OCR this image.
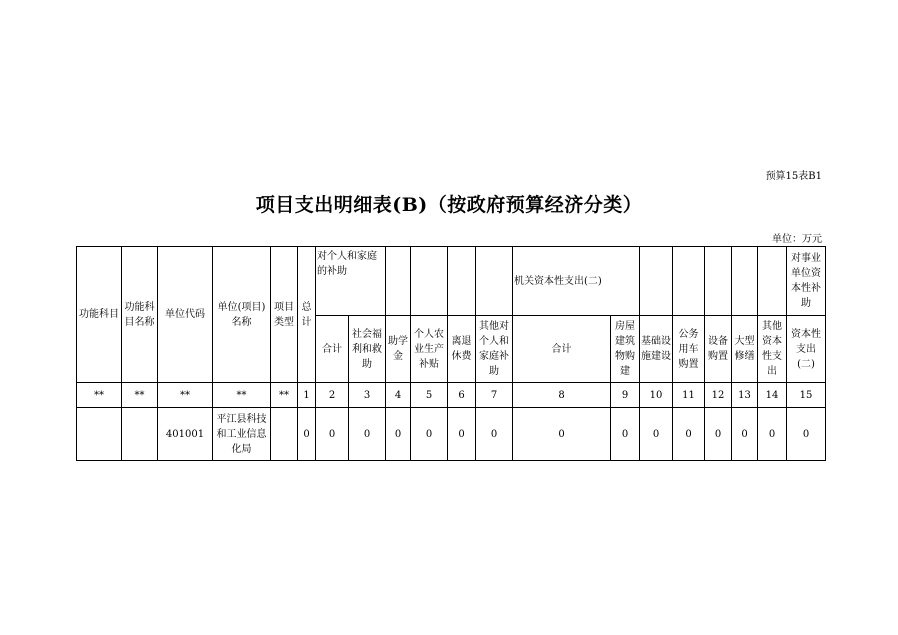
预算15表B1
项目支出明细表(B)（按政府预算经济分类）
单位：万元
功能科目	功能科目名称	单位代码	单位(项目)名称	项目类型	总计	对个人和家庭的补助						机关资本性支出(二)							对事业单位资本性补助
						合计	社会福利和救助	助学金	个人农业生产补贴	离退休费	其他对个人和家庭补助	合计	房屋建筑物购建	基础设施建设	公务用车购置	设备购置	大型修缮	其他资本性支出	资本性支出(二)
**	**	**	**	**	1	2	3	4	5	6	7	8	9	10	11	12	13	14	15
		401001	平江县科技和工业信息化局		0	0	0	0	0	0	0	0	0	0	0	0	0	0	0
